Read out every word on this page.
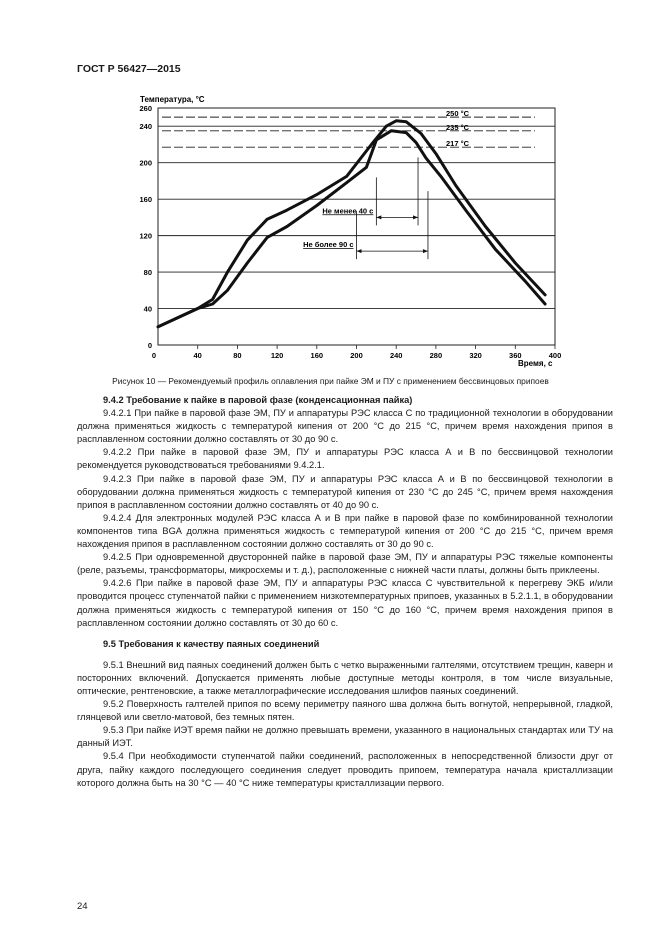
ГОСТ Р 56427—2015
250 °C
235 °C
217 °C
Не менее 40 с
Не более 90 с
0
40
80
120
160
200
240
260
0	40	80	120	160	200	240	280	320	360	400
Температура, °C
Время, с
Рисунок 10 — Рекомендуемый профиль оплавления при пайке ЭМ и ПУ с применением бессвинцовых припоев

9.4.2 Требование к пайке в паровой фазе (конденсационная пайка)

9.4.2.1 При пайке в паровой фазе ЭМ, ПУ и аппаратуры РЭС класса С по традиционной технологии в оборудовании должна применяться жидкость с температурой кипения от 200 °C до 215 °C, причем время нахождения припоя в расплавленном состоянии должно составлять от 30 до 90 с.

9.4.2.2 При пайке в паровой фазе ЭМ, ПУ и аппаратуры РЭС класса А и В по бессвинцовой технологии рекомендуется руководствоваться требованиями 9.4.2.1.

9.4.2.3 При пайке в паровой фазе ЭМ, ПУ и аппаратуры РЭС класса А и В по бессвинцовой технологии в оборудовании должна применяться жидкость с температурой кипения от 230 °C до 245 °C, причем время нахождения припоя в расплавленном состоянии должно составлять от 40 до 90 с.

9.4.2.4 Для электронных модулей РЭС класса А и В при пайке в паровой фазе по комбинированной технологии компонентов типа BGA должна применяться жидкость с температурой кипения от 200 °C до 215 °C, причем время нахождения припоя в расплавленном состоянии должно составлять от 30 до 90 с.

9.4.2.5 При одновременной двусторонней пайке в паровой фазе ЭМ, ПУ и аппаратуры РЭС тяжелые компоненты (реле, разъемы, трансформаторы, микросхемы и т. д.), расположенные с нижней части платы, должны быть приклеены.

9.4.2.6 При пайке в паровой фазе ЭМ, ПУ и аппаратуры РЭС класса С чувствительной к перегреву ЭКБ и/или проводится процесс ступенчатой пайки с применением низкотемпературных припоев, указанных в 5.2.1.1, в оборудовании должна применяться жидкость с температурой кипения от 150 °C до 160 °C, причем время нахождения припоя в расплавленном состоянии должно составлять от 30 до 60 с.

9.5 Требования к качеству паяных соединений

9.5.1 Внешний вид паяных соединений должен быть с четко выраженными галтелями, отсутствием трещин, каверн и посторонних включений. Допускается применять любые доступные методы контроля, в том числе визуальные, оптические, рентгеновские, а также металлографические исследования шлифов паяных соединений.

9.5.2 Поверхность галтелей припоя по всему периметру паяного шва должна быть вогнутой, непрерывной, гладкой, глянцевой или светло-матовой, без темных пятен.

9.5.3 При пайке ИЭТ время пайки не должно превышать времени, указанного в национальных стандартах или ТУ на данный ИЭТ.

9.5.4 При необходимости ступенчатой пайки соединений, расположенных в непосредственной близости друг от друга, пайку каждого последующего соединения следует проводить припоем, температура начала кристаллизации которого должна быть на 30 °C — 40 °C ниже температуры кристаллизации первого.

24
